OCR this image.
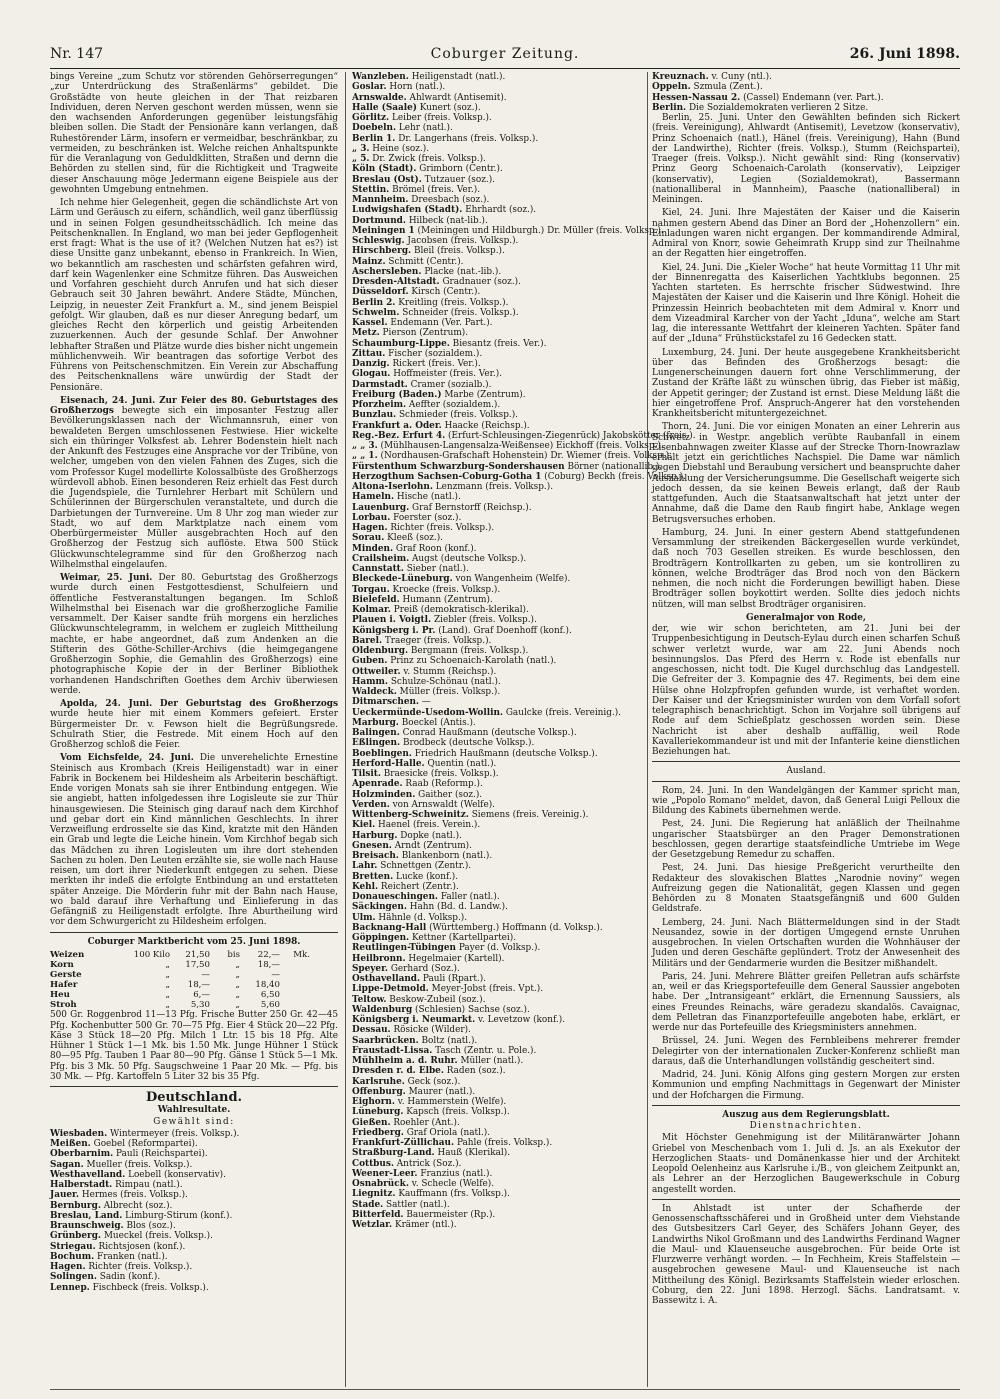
Nr. 147	Coburger Zeitung.	26. Juni 1898.

bings Vereine „zum Schutz vor störenden Gehörserregungen“ „zur Unterdrückung des Straßenlärms“ gebildet. Die Großstädte von heute gleichen in der That reizbaren Individuen, deren Nerven geschont werden müssen, wenn sie den wachsenden Anforderungen gegenüber leistungsfähig bleiben sollen. Die Stadt der Pensionäre kann verlangen, daß Ruhestörender Lärm, insofern er vermeidbar, beschränkbar, zu vermeiden, zu beschränken ist. Welche reichen Anhaltspunkte für die Veranlagung von Geduldklitten, Straßen und dernn die Behörden zu stellen sind, für die Richtigkeit und Tragweite dieser Anschauung möge Jedermann eigene Beispiele aus der gewohnten Umgebung entnehmen.

Ich nehme hier Gelegenheit, gegen die schändlichste Art von Lärm und Geräusch zu eifern, schändlich, weil ganz überflüssig und in seinen Folgen gesundheitsschädlich. Ich meine das Peitschenknallen. In England, wo man bei jeder Gepflogenheit erst fragt: What is the use of it? (Welchen Nutzen hat es?) ist diese Unsitte ganz unbekannt, ebenso in Frankreich. In Wien, wo bekanntlich am raschesten und schärfsten gefahren wird, darf kein Wagenlenker eine Schmitze führen. Das Ausweichen und Vorfahren geschieht durch Anrufen und hat sich dieser Gebrauch seit 30 Jahren bewährt. Andere Städte, München, Leipzig, in neuester Zeit Frankfurt a. M., sind jenem Beispiel gefolgt. Wir glauben, daß es nur dieser Anregung bedarf, um gleiches Recht den körperlich und geistig Arbeitenden zuzuerkennen. Auch der gesunde Schlaf. Der Anwohner lebhafter Straßen und Plätze wurde dies bisher nicht ungemein mühlichenvweih. Wir beantragen das sofortige Verbot des Führens von Peitschenschmitzen. Ein Verein zur Abschaffung des Peitschenknallens wäre unwürdig der Stadt der Pensionäre.

Eisenach, 24. Juni. Zur Feier des 80. Geburtstages des Großherzogs bewegte sich ein imposanter Festzug aller Bevölkerungsklassen nach der Wichmannsruh, einer von bewaldeten Bergen umschlossenen Festwiese. Hier wickelte sich ein thüringer Volksfest ab. Lehrer Bodenstein hielt nach der Ankunft des Festzuges eine Ansprache vor der Tribüne, von welcher, umgeben von den vielen Fahnen des Zuges, sich die vom Professor Kugel modellirte Kolossalbüste des Großherzogs würdevoll abhob. Einen besonderen Reiz erhielt das Fest durch die Jugendspiele, die Turnlehrer Herbart mit Schülern und Schülerinnen der Bürgerschulen veranstaltete, und durch die Darbietungen der Turnvereine. Um 8 Uhr zog man wieder zur Stadt, wo auf dem Marktplatze nach einem vom Oberbürgermeister Müller ausgebrachten Hoch auf den Großherzog der Festzug sich auflöste. Etwa 500 Stück Glückwunschtelegramme sind für den Großherzog nach Wilhelmsthal eingelaufen.

Weimar, 25. Juni. Der 80. Geburtstag des Großherzogs wurde durch einen Festgottesdienst, Schulfeiern und öffentliche Festveranstaltungen begangen. Im Schloß Wilhelmsthal bei Eisenach war die großherzogliche Familie versammelt. Der Kaiser sandte früh morgens ein herzliches Glückwunschtelegramm, in welchem er zugleich Mittheilung machte, er habe angeordnet, daß zum Andenken an die Stifterin des Göthe-Schiller-Archivs (die heimgegangene Großherzogin Sophie, die Gemahlin des Großherzogs) eine photographische Kopie der in der Berliner Bibliothek vorhandenen Handschriften Goethes dem Archiv überwiesen werde.

Apolda, 24. Juni. Der Geburtstag des Großherzogs wurde heute hier mit einem Kommers gefeiert. Erster Bürgermeister Dr. v. Fewson hielt die Begrüßungsrede. Schulrath Stier, die Festrede. Mit einem Hoch auf den Großherzog schloß die Feier.

Vom Eichsfelde, 24. Juni. Die unverehelichte Ernestine Steinisch aus Krombach (Kreis Heiligenstadt) war in einer Fabrik in Bockenem bei Hildesheim als Arbeiterin beschäftigt. Ende vorigen Monats sah sie ihrer Entbindung entgegen. Wie sie angiebt, hatten infolgedessen ihre Logisleute sie zur Thür hinausgewiesen. Die Steinisch ging darauf nach dem Kirchhof und gebar dort ein Kind männlichen Geschlechts. In ihrer Verzweiflung erdrosselte sie das Kind, kratzte mit den Händen ein Grab und legte die Leiche hinein. Vom Kirchhof begab sich das Mädchen zu ihren Logisleuten um ihre dort stehenden Sachen zu holen. Den Leuten erzählte sie, sie wolle nach Hause reisen, um dort ihrer Niederkunft entgegen zu sehen. Diese merkten ihr indeß die erfolgte Entbindung an und erstatteten später Anzeige. Die Mörderin fuhr mit der Bahn nach Hause, wo bald darauf ihre Verhaftung und Einlieferung in das Gefängniß zu Heiligenstadt erfolgte. Ihre Aburtheilung wird vor dem Schwurgericht zu Hildesheim erfolgen.

Coburger Marktbericht vom 25. Juni 1898.
Weizen	100 Kilo	21,50	bis	22,—	Mk.
Korn	„	17,50	„	18,—
Gerste	„	—	„	—
Hafer	„	18,—	„	18,40
Heu	„	6,—	„	6,50
Stroh	„	5,30	„	5,60

500 Gr. Roggenbrod 11—13 Pfg. Frische Butter 250 Gr. 42—45 Pfg. Kochenbutter 500 Gr. 70—75 Pfg. Eier 4 Stück 20—22 Pfg. Käse 3 Stück 18—20 Pfg. Milch 1 Ltr. 15 bis 18 Pfg. Alte Hühner 1 Stück 1—1 Mk. bis 1.50 Mk. Junge Hühner 1 Stück 80—95 Pfg. Tauben 1 Paar 80—90 Pfg. Gänse 1 Stück 5—1 Mk. Pfg. bis 3 Mk. 50 Pfg. Saugschweine 1 Paar 20 Mk. — Pfg. bis 30 Mk. — Pfg. Kartoffeln 5 Liter 32 bis 35 Pfg.

Deutschland.
Wahlresultate.
Gewählt sind:
Wiesbaden. Wintermeyer (freis. Volksp.).
Meißen. Goebel (Reformpartei).
Oberbarnim. Pauli (Reichspartei).
Sagan. Mueller (freis. Volksp.).
Westhavelland. Loebell (konservativ).
Halberstadt. Rimpau (natl.).
Jauer. Hermes (freis. Volksp.).
Bernburg. Albrecht (soz.).
Breslau, Land. Limburg-Stirum (konf.).
Braunschweig. Blos (soz.).
Grünberg. Mueckel (freis. Volksp.).
Striegau. Richtsjosen (konf.).
Bochum. Franken (natl.).
Hagen. Richter (freis. Volksp.).
Solingen. Sadin (konf.).
Lennep. Fischbeck (freis. Volksp.).
Wanzleben. Heiligenstadt (natl.).
Goslar. Horn (natl.).
Arnswalde. Ahlwardt (Antisemit).
Halle (Saale) Kunert (soz.).
Görlitz. Leiber (freis. Volksp.).
Doebeln. Lehr (natl.).
Berlin 1. Dr. Langerhans (freis. Volksp.).
„ 3. Heine (soz.).
„ 5. Dr. Zwick (freis. Volksp.).
Köln (Stadt). Grimborn (Centr.).
Breslau (Ost). Tutzauer (soz.).
Stettin. Brömel (freis. Ver.).
Mannheim. Dreesbach (soz.).
Ludwigshafen (Stadt). Ehrhardt (soz.).
Dortmund. Hilbeck (nat-lib.).
Meiningen 1 (Meiningen und Hildburgh.) Dr. Müller (freis. Volksp.).
Schleswig. Jacobsen (freis. Volksp.).
Hirschberg. Bleil (freis. Volksp.).
Mainz. Schmitt (Centr.).
Aschersleben. Placke (nat.-lib.).
Dresden-Altstadt. Gradnauer (soz.).
Düsseldorf. Kirsch (Centr.).
Berlin 2. Kreitling (freis. Volksp.).
Schwelm. Schneider (freis. Volksp.).
Kassel. Endemann (Ver. Part.).
Metz. Pierson (Zentrum).
Schaumburg-Lippe. Biesantz (freis. Ver.).
Zittau. Fischer (sozialdem.).
Danzig. Rickert (freis. Ver.).
Glogau. Hoffmeister (freis. Ver.).
Darmstadt. Cramer (sozialb.).
Freiburg (Baden.) Marbe (Zentrum).
Pforzheim. Aeffter (sozialdem.).
Bunzlau. Schmieder (freis. Volksp.).
Frankfurt a. Oder. Haacke (Reichsp.).
Reg.-Bez. Erfurt 4. (Erfurt-Schleusingen-Ziegenrück) Jakobskötter (freis.).
„ „ 3. (Mühlhausen-Langensalza-Weißensee) Eickhoff (freis. Volksp.).
„ „ 1. (Nordhausen-Grafschaft Hohenstein) Dr. Wiemer (freis. Volksp.).
Fürstenthum Schwarzburg-Sondershausen Börner (nationallib.).
Herzogthum Sachsen-Coburg-Gotha 1 (Coburg) Beckh (freis. Volksp.).
Altona-Iserlohn. Lenzmann (freis. Volksp.).
Hameln. Hische (natl.).
Lauenburg. Graf Bernstorff (Reichsp.).
Lorbau. Foerster (soz.).
Hagen. Richter (freis. Volksp.).
Sorau. Kleeß (soz.).
Minden. Graf Roon (konf.).
Crailsheim. Augst (deutsche Volksp.).
Cannstatt. Sieber (natl.).
Bleckede-Lüneburg. von Wangenheim (Welfe).
Torgau. Kroecke (freis. Volksp.).
Bielefeld. Humann (Zentrum).
Kolmar. Preiß (demokratisch-klerikal).
Plauen i. Voigtl. Ziebler (freis. Volksp.).
Königsberg i. Pr. (Land). Graf Doenhoff (konf.).
Barel. Traeger (freis. Volksp.).
Oldenburg. Bergmann (freis. Volksp.).
Guben. Prinz zu Schoenaich-Karolath (natl.).
Ottweiler. v. Stumm (Reichsp.).
Hamm. Schulze-Schönau (natl.).
Waldeck. Müller (freis. Volksp.).
Ditmarschen. —
Ueckermünde-Usedom-Wollin. Gaulcke (freis. Vereinig.).
Marburg. Boeckel (Antis.).
Balingen. Conrad Haußmann (deutsche Volksp.).
Eßlingen. Brodbeck (deutsche Volksp.).
Boeblingen. Friedrich Haußmann (deutsche Volksp.).
Herford-Halle. Quentin (natl.).
Tilsit. Braesicke (freis. Volksp.).
Apenrade. Raab (Reformp.).
Holzminden. Gaither (soz.).
Verden. von Arnswaldt (Welfe).
Wittenberg-Schweinitz. Siemens (freis. Vereinig.).
Kiel. Haenel (freis. Verein.).
Harburg. Dopke (natl.).
Gnesen. Arndt (Zentrum).
Breisach. Blankenborn (natl.).
Lahr. Schnettgen (Zentr.).
Bretten. Lucke (konf.).
Kehl. Reichert (Zentr.).
Donaueschingen. Faller (natl.).
Säckingen. Hahn (Bd. d. Landw.).
Ulm. Hähnle (d. Volksp.).
Backnang-Hall (Württemberg.) Hoffmann (d. Volksp.).
Göppingen. Kettner (Kartellpartei).
Reutlingen-Tübingen Payer (d. Volksp.).
Heilbronn. Hegelmaier (Kartell).
Speyer. Gerhard (Soz.).
Osthavelland. Pauli (Rpart.).
Lippe-Detmold. Meyer-Jobst (freis. Vpt.).
Teltow. Beskow-Zubeil (soz.).
Waldenburg (Schlesien) Sachse (soz.).
Königsberg i. Neumarkt. v. Levetzow (konf.).
Dessau. Rösicke (Wilder).
Saarbrücken. Boltz (natl.).
Fraustadt-Lissa. Tasch (Zentr. u. Pole.).
Mühlheim a. d. Ruhr. Müller (natl.).
Dresden r. d. Elbe. Raden (soz.).
Karlsruhe. Geck (soz.).
Offenburg. Maurer (natl.).
Eighorn. v. Hammerstein (Welfe).
Lüneburg. Kapsch (freis. Volksp.).
Gießen. Roehler (Ant.).
Friedberg. Graf Oriola (natl.).
Frankfurt-Züllichau. Pahle (freis. Volksp.).
Straßburg-Land. Hauß (Klerikal).
Cottbus. Antrick (Soz.).
Weener-Leer. Franzius (natl.).
Osnabrück. v. Schecle (Welfe).
Liegnitz. Kauffmann (frs. Volksp.).
Stade. Sattler (natl.).
Bitterfeld. Bauermeister (Rp.).
Wetzlar. Krämer (ntl.).
Kreuznach. v. Cuny (ntl.).
Oppeln. Szmula (Zent.).
Hessen-Nassau 2. (Cassel) Endemann (ver. Part.).
Berlin. Die Sozialdemokraten verlieren 2 Sitze.

Berlin, 25. Juni. Unter den Gewählten befinden sich Rickert (freis. Vereinigung), Ahlwardt (Antisemit), Levetzow (konservativ), Prinz Schoenaich (natl.), Hänel (freis. Vereinigung), Hahn (Bund der Landwirthe), Richter (freis. Volksp.), Stumm (Reichspartei), Traeger (freis. Volksp.). Nicht gewählt sind: Ring (konservativ) Prinz Georg Schoenaich-Carolath (konservativ), Leipziger (konservativ), Legien (Sozialdemokrat), Bassermann (nationalliberal in Mannheim), Paasche (nationalliberal) in Meiningen.

Kiel, 24. Juni. Ihre Majestäten der Kaiser und die Kaiserin nahmen gestern Abend das Diner an Bord der „Hohenzollern“ ein. Einladungen waren nicht ergangen. Der kommandirende Admiral, Admiral von Knorr, sowie Geheimrath Krupp sind zur Theilnahme an der Regatten hier eingetroffen.

Kiel, 24. Juni. Die „Kieler Woche“ hat heute Vormittag 11 Uhr mit der Binnenregatta des Kaiserlichen Yachtklubs begonnen. 25 Yachten starteten. Es herrschte frischer Südwestwind. Ihre Majestäten der Kaiser und die Kaiserin und Ihre Königl. Hoheit die Prinzessin Heinrich beobachteten mit dem Admiral v. Knorr und dem Vizeadmiral Karcher von der Yacht „Iduna“, welche am Start lag, die interessante Wettfahrt der kleineren Yachten. Später fand auf der „Iduna“ Frühstückstafel zu 16 Gedecken statt.

Luxemburg, 24. Juni. Der heute ausgegebene Krankheitsbericht über das Befinden des Großherzogs besagt: die Lungenerscheinungen dauern fort ohne Verschlimmerung, der Zustand der Kräfte läßt zu wünschen übrig, das Fieber ist mäßig, der Appetit geringer; der Zustand ist ernst. Diese Meldung läßt die hier eingetroffene Prof. Anspruch-Angerer hat den vorstehenden Krankheitsbericht mituntergezeichnet.

Thorn, 24. Juni. Die vor einigen Monaten an einer Lehrerin aus Schwetz in Westpr. angeblich verübte Raubanfall in einem Eisenbahnwagen zweiter Klasse auf der Strecke Thorn-Inowrazlaw erhält jetzt ein gerichtliches Nachspiel. Die Dame war nämlich gegen Diebstahl und Beraubung versichert und beanspruchte daher Auszahlung der Versicherungsumme. Die Gesellschaft weigerte sich jedoch dessen, da sie keinen Beweis erlangt, daß der Raub stattgefunden. Auch die Staatsanwaltschaft hat jetzt unter der Annahme, daß die Dame den Raub fingirt habe, Anklage wegen Betrugsversuches erhoben.

Hamburg, 24. Juni. In einer gestern Abend stattgefundenen Versammlung der streikenden Bäckergesellen wurde verkündet, daß noch 703 Gesellen streiken. Es wurde beschlossen, den Brodträgern Kontrollkarten zu geben, um sie kontrolliren zu können, welche Brodträger das Brod noch von den Bäckern nehmen, die noch nicht die Forderungen bewilligt haben. Diese Brodträger sollen boykottirt werden. Sollte dies jedoch nichts nützen, will man selbst Brodträger organisiren.

Generalmajor von Rode,

der, wie wir schon berichteten, am 21. Juni bei der Truppenbesichtigung in Deutsch-Eylau durch einen scharfen Schuß schwer verletzt wurde, war am 22. Juni Abends noch besinnungslos. Das Pferd des Herrn v. Rode ist ebenfalls nur angeschossen, nicht todt. Die Kugel durchschlug das Landgestell. Die Gefreiter der 3. Kompagnie des 47. Regiments, bei dem eine Hülse ohne Holzpfropfen gefunden wurde, ist verhaftet worden. Der Kaiser und der Kriegsminister wurden von dem Vorfall sofort telegraphisch benachrichtigt. Schon im Vorjahre soll übrigens auf Rode auf dem Schießplatz geschossen worden sein. Diese Nachricht ist aber deshalb auffällig, weil Rode Kavalleriekommandeur ist und mit der Infanterie keine dienstlichen Beziehungen hat.

Ausland.

Rom, 24. Juni. In den Wandelgängen der Kammer spricht man, wie „Popolo Romano“ meldet, davon, daß General Luigi Pelloux die Bildung des Kabinets übernehmen werde.

Pest, 24. Juni. Die Regierung hat anläßlich der Theilnahme ungarischer Staatsbürger an den Prager Demonstrationen beschlossen, gegen derartige staatsfeindliche Umtriebe im Wege der Gesetzgebung Remedur zu schaffen.

Pest, 24. Juni. Das hiesige Preßgericht verurtheilte den Redakteur des slovakischen Blattes „Narodnie noviny“ wegen Aufreizung gegen die Nationalität, gegen Klassen und gegen Behörden zu 8 Monaten Staatsgefängniß und 600 Gulden Geldstrafe.

Lemberg, 24. Juni. Nach Blättermeldungen sind in der Stadt Neusandez, sowie in der dortigen Umgegend ernste Unruhen ausgebrochen. In vielen Ortschaften wurden die Wohnhäuser der Juden und deren Geschäfte geplündert. Trotz der Anwesenheit des Militärs und der Gendarmerie wurden die Besitzer mißhandelt.

Paris, 24. Juni. Mehrere Blätter greifen Pelletran aufs schärfste an, weil er das Kriegsportefeuille dem General Saussier angeboten habe. Der „Intransigeant“ erklärt, die Ernennung Saussiers, als eines Freundes Reinachs, wäre geradezu skandalös. Cavaignac, dem Pelletran das Finanzportefeuille angeboten habe, erklärt, er werde nur das Portefeuille des Kriegsministers annehmen.

Brüssel, 24. Juni. Wegen des Fernbleibens mehrerer fremder Delegirter von der internationalen Zucker-Konferenz schließt man daraus, daß die Unterhandlungen vollständig gescheitert sind.

Madrid, 24. Juni. König Alfons ging gestern Morgen zur ersten Kommunion und empfing Nachmittags in Gegenwart der Minister und der Hofchargen die Firmung.

Auszug aus dem Regierungsblatt.
Dienstnachrichten.

Mit Höchster Genehmigung ist der Militäranwärter Johann Griebel von Meschenbach vom 1. Juli d. Js. an als Exekutor der Herzoglichen Staats- und Domänenkasse hier und der Architekt Leopold Oelenheinz aus Karlsruhe i./B., von gleichem Zeitpunkt an, als Lehrer an der Herzoglichen Baugewerkschule in Coburg angestellt worden.

In Ahlstadt ist unter der Schafherde der Genossenschaftsschäferei und in Großheid unter dem Viehstande des Gutsbesitzers Carl Geyer, des Schäfers Johann Geyer, des Landwirths Nikol Großmann und des Landwirths Ferdinand Wagner die Maul- und Klauenseuche ausgebrochen. Für beide Orte ist Flurzwerre verhängt worden. — In Fechheim, Kreis Staffelstein — ausgebrochen gewesene Maul- und Klauenseuche ist nach Mittheilung des Königl. Bezirksamts Staffelstein wieder erloschen. Coburg, den 22. Juni 1898. Herzogl. Sächs. Landratsamt. v. Bassewitz i. A.
